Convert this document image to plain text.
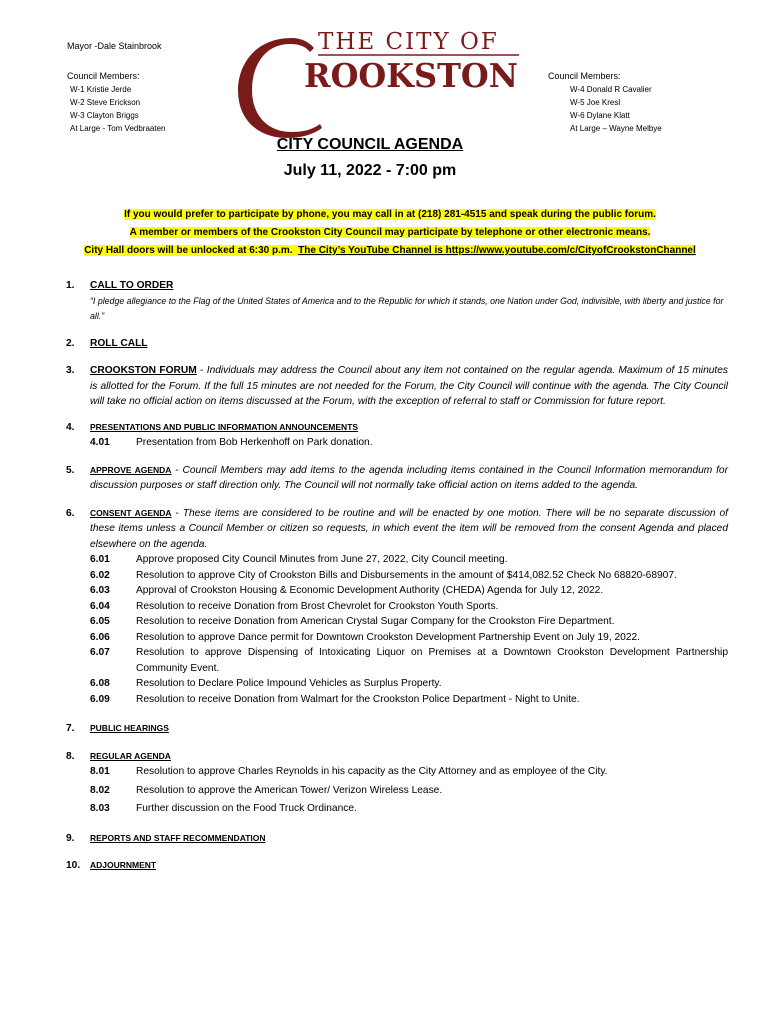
Mayor -Dale Stainbrook
Council Members:
W-1 Kristie Jerde
W-2 Steve Erickson
W-3 Clayton Briggs
At Large - Tom Vedbraaten
Council Members:
W-4 Donald R Cavalier
W-5 Joe Kresl
W-6 Dylane Klatt
At Large – Wayne Melbye
THE CITY OF
ROOKSTON
CITY COUNCIL AGENDA
July 11, 2022 - 7:00 pm
If you would prefer to participate by phone, you may call in at (218) 281-4515 and speak during the public forum.
A member or members of the Crookston City Council may participate by telephone or other electronic means.
City Hall doors will be unlocked at 6:30 p.m. The City’s YouTube Channel is https://www.youtube.com/c/CityofCrookstonChannel
1. CALL TO ORDER
“I pledge allegiance to the Flag of the United States of America and to the Republic for which it stands, one Nation under God, indivisible, with liberty and justice for all.”
2. ROLL CALL
3. CROOKSTON FORUM - Individuals may address the Council about any item not contained on the regular agenda. Maximum of 15 minutes is allotted for the Forum. If the full 15 minutes are not needed for the Forum, the City Council will continue with the agenda. The City Council will take no official action on items discussed at the Forum, with the exception of referral to staff or Commission for future report.
4. PRESENTATIONS AND PUBLIC INFORMATION ANNOUNCEMENTS
4.01	Presentation from Bob Herkenhoff on Park donation.
5. APPROVE AGENDA - Council Members may add items to the agenda including items contained in the Council Information memorandum for discussion purposes or staff direction only. The Council will not normally take official action on items added to the agenda.
6. CONSENT AGENDA - These items are considered to be routine and will be enacted by one motion. There will be no separate discussion of these items unless a Council Member or citizen so requests, in which event the item will be removed from the consent Agenda and placed elsewhere on the agenda.
6.01	Approve proposed City Council Minutes from June 27, 2022, City Council meeting.
6.02	Resolution to approve City of Crookston Bills and Disbursements in the amount of $414,082.52 Check No 68820-68907.
6.03	Approval of Crookston Housing & Economic Development Authority (CHEDA) Agenda for July 12, 2022.
6.04	Resolution to receive Donation from Brost Chevrolet for Crookston Youth Sports.
6.05	Resolution to receive Donation from American Crystal Sugar Company for the Crookston Fire Department.
6.06	Resolution to approve Dance permit for Downtown Crookston Development Partnership Event on July 19, 2022.
6.07	Resolution to approve Dispensing of Intoxicating Liquor on Premises at a Downtown Crookston Development Partnership Community Event.
6.08	Resolution to Declare Police Impound Vehicles as Surplus Property.
6.09	Resolution to receive Donation from Walmart for the Crookston Police Department - Night to Unite.
7. PUBLIC HEARINGS
8. REGULAR AGENDA
8.01	Resolution to approve Charles Reynolds in his capacity as the City Attorney and as employee of the City.
8.02	Resolution to approve the American Tower/ Verizon Wireless Lease.
8.03	Further discussion on the Food Truck Ordinance.
9. REPORTS AND STAFF RECOMMENDATION
10. ADJOURNMENT
